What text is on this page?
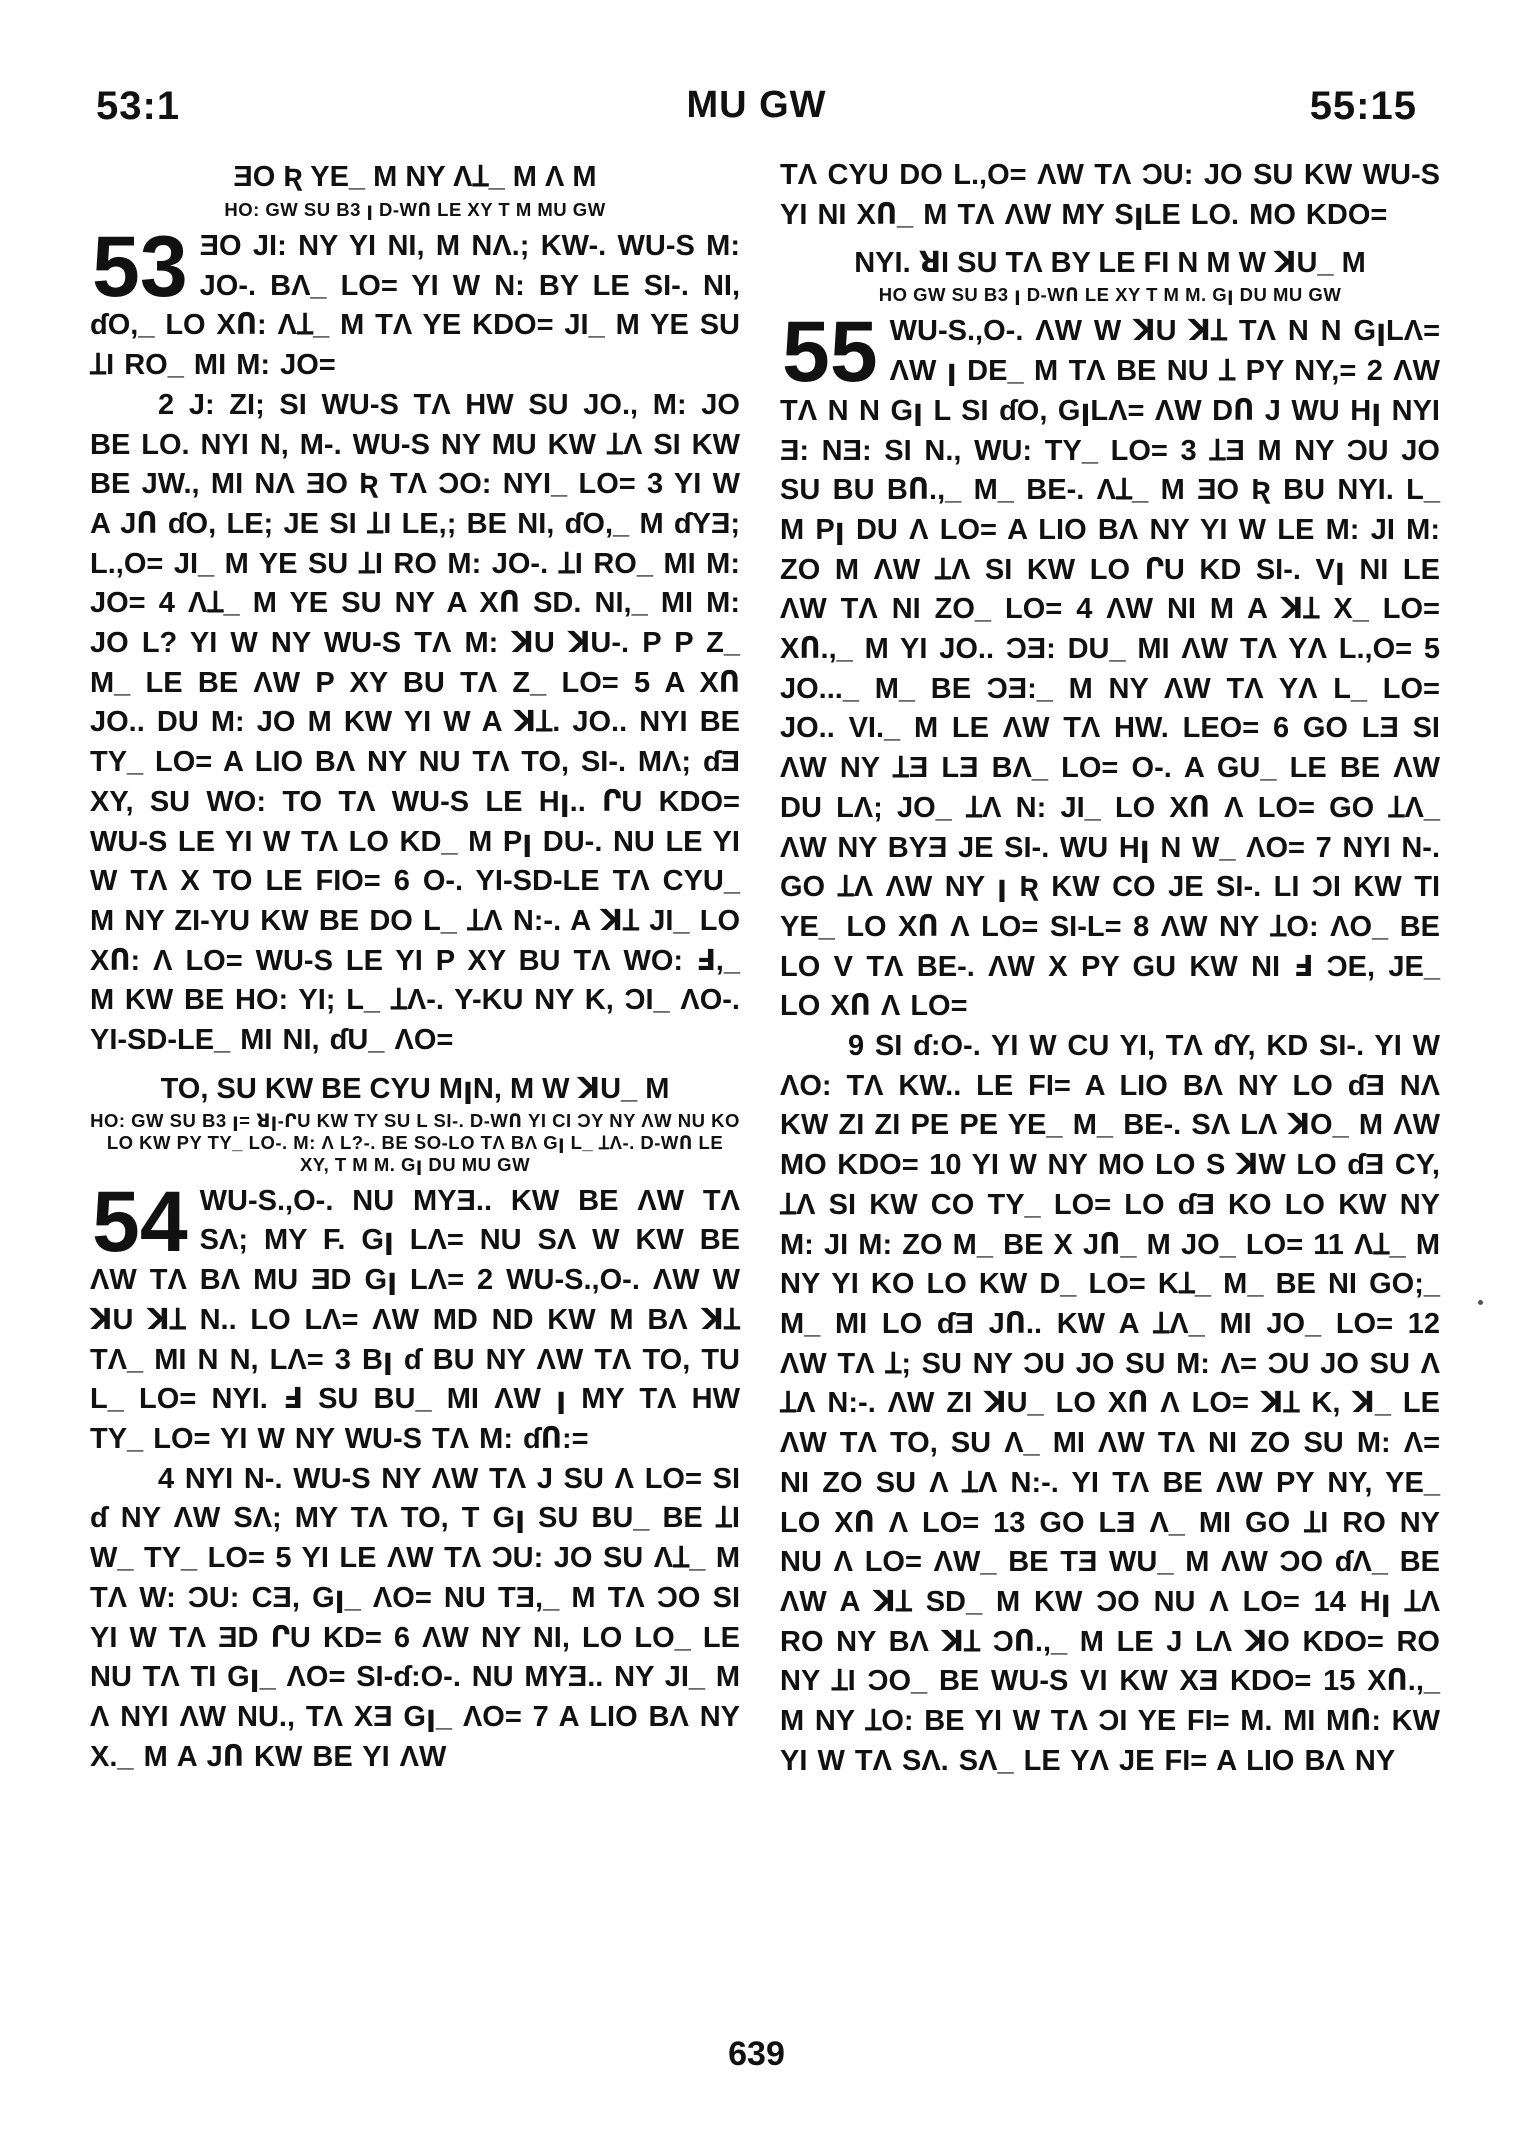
53:1	MU GW	55:15
ƎO Ʀ YE_ M NY ɅꞱ_ M Ʌ M
HO: GW SU B3 ꞁ D-WՈ LE XY T M MU GW

53 ƎO JI: NY YI NI, M NɅ.; KW-. WU-S M: JO-. BɅ_ LO= YI W N: BY LE SI-. NI, ɗO,_ LO XՈ: ɅꞱ_ M TɅ YE KDO= JI_ M YE SU ꞱI RO_ MI M: JO=

2 J: ZI; SI WU-S TɅ HW SU JO., M: JO BE LO. NYI N, M-. WU-S NY MU KW ꞱɅ SI KW BE JW., MI NɅ ƎO Ʀ TɅ ƆO: NYI_ LO= 3 YI W A JՈ ɗO, LE; JE SI ꞱI LE,; BE NI, ɗO,_ M ɗYƎ; L.,O= JI_ M YE SU ꞱI RO M: JO-. ꞱI RO_ MI M: JO= 4 ɅꞱ_ M YE SU NY A XՈ SD. NI,_ MI M: JO L? YI W NY WU-S TɅ M: ꓘU ꓘU-. P P Z_ M_ LE BE ɅW P XY BU TɅ Z_ LO= 5 A XՈ JO.. DU M: JO M KW YI W A ꓘꞱ. JO.. NYI BE TY_ LO= A LIO BɅ NY NU TɅ TO, SI-. MɅ; ɗƎ XY, SU WO: TO TɅ WU-S LE Hꞁ.. ՐU KDO= WU-S LE YI W TɅ LO KD_ M Pꞁ DU-. NU LE YI W TɅ X TO LE FIO= 6 O-. YI-SD-LE TɅ CYU_ M NY ZI-YU KW BE DO L_ ꞱɅ N:-. A ꓘꞱ JI_ LO XՈ: Ʌ LO= WU-S LE YI P XY BU TɅ WO: Ⅎ,_ M KW BE HO: YI; L_ ꞱɅ-. Y-KU NY K, ƆI_ ɅO-. YI-SD-LE_ MI NI, ɗU_ ɅO=

TO, SU KW BE CYU MꞁN, M W ꓘU_ M
HO: GW SU B3 ꞁ= ꓤꞁ-ՐU KW TY SU L SI-. D-WՈ YI CI ƆY NY ɅW NU KO LO KW PY TY_ LO-. M: Ʌ L?-. BE SO-LO TɅ BɅ Gꞁ L_ ꞱɅ-. D-WՈ LE XY, T M M. Gꞁ DU MU GW

54 WU-S.,O-. NU MYƎ.. KW BE ɅW TɅ SɅ; MY F. Gꞁ LɅ= NU SɅ W KW BE ɅW TɅ BɅ MU ƎD Gꞁ LɅ= 2 WU-S.,O-. ɅW W ꓘU ꓘꞱ N.. LO LɅ= ɅW MD ND KW M BɅ ꓘꞱ TɅ_ MI N N, LɅ= 3 Bꞁ ɗ BU NY ɅW TɅ TO, TU L_ LO= NYI. Ⅎ SU BU_ MI ɅW ꞁ MY TɅ HW TY_ LO= YI W NY WU-S TɅ M: ɗՈ:=

4 NYI N-. WU-S NY ɅW TɅ J SU Ʌ LO= SI ɗ NY ɅW SɅ; MY TɅ TO, T Gꞁ SU BU_ BE ꞱI W_ TY_ LO= 5 YI LE ɅW TɅ ƆU: JO SU ɅꞱ_ M TɅ W: ƆU: CƎ, Gꞁ_ ɅO= NU TƎ,_ M TɅ ƆO SI YI W TɅ ƎD ՐU KD= 6 ɅW NY NI, LO LO_ LE NU TɅ TI Gꞁ_ ɅO= SI-ɗ:O-. NU MYƎ.. NY JI_ M Ʌ NYI ɅW NU., TɅ XƎ Gꞁ_ ɅO= 7 A LIO BɅ NY X._ M A JՈ KW BE YI ɅW

TɅ CYU DO L.,O= ɅW TɅ ƆU: JO SU KW WU-S YI NI XՈ_ M TɅ ɅW MY SꞁLE LO. MO KDO=

NYI. ꓤI SU TɅ BY LE FI N M W ꓘU_ M
HO GW SU B3 ꞁ D-WՈ LE XY T M M. Gꞁ DU MU GW

55 WU-S.,O-. ɅW W ꓘU ꓘꞱ TɅ N N GꞁLɅ= ɅW ꞁ DE_ M TɅ BE NU Ʇ PY NY,= 2 ɅW TɅ N N Gꞁ L SI ɗO, GꞁLɅ= ɅW DՈ J WU Hꞁ NYI Ǝ: NƎ: SI N., WU: TY_ LO= 3 ꞱƎ M NY ƆU JO SU BU BՈ.,_ M_ BE-. ɅꞱ_ M ƎO Ʀ BU NYI. L_ M Pꞁ DU Ʌ LO= A LIO BɅ NY YI W LE M: JI M: ZO M ɅW ꞱɅ SI KW LO ՐU KD SI-. Vꞁ NI LE ɅW TɅ NI ZO_ LO= 4 ɅW NI M A ꓘꞱ X_ LO= XՈ.,_ M YI JO.. ƆƎ: DU_ MI ɅW TɅ YɅ L.,O= 5 JO..._ M_ BE ƆƎ:_ M NY ɅW TɅ YɅ L_ LO= JO.. VI._ M LE ɅW TɅ HW. LEO= 6 GO LƎ SI ɅW NY ꞱƎ LƎ BɅ_ LO= O-. A GU_ LE BE ɅW DU LɅ; JO_ ꞱɅ N: JI_ LO XՈ Ʌ LO= GO ꞱɅ_ ɅW NY BYƎ JE SI-. WU Hꞁ N W_ ɅO= 7 NYI N-. GO ꞱɅ ɅW NY ꞁ Ʀ KW CO JE SI-. LI ƆI KW TI YE_ LO XՈ Ʌ LO= SI-L= 8 ɅW NY ꞱO: ɅO_ BE LO V TɅ BE-. ɅW X PY GU KW NI Ⅎ ƆE, JE_ LO XՈ Ʌ LO=

9 SI ɗ:O-. YI W CU YI, TɅ ɗY, KD SI-. YI W ɅO: TɅ KW.. LE FI= A LIO BɅ NY LO ɗƎ NɅ KW ZI ZI PE PE YE_ M_ BE-. SɅ LɅ ꓘO_ M ɅW MO KDO= 10 YI W NY MO LO S ꓘW LO ɗƎ CY, ꞱɅ SI KW CO TY_ LO= LO ɗƎ KO LO KW NY M: JI M: ZO M_ BE X JՈ_ M JO_ LO= 11 ɅꞱ_ M NY YI KO LO KW D_ LO= KꞱ_ M_ BE NI GO;_ M_ MI LO ɗƎ JՈ.. KW A ꞱɅ_ MI JO_ LO= 12 ɅW TɅ Ʇ; SU NY ƆU JO SU M: Ʌ= ƆU JO SU Ʌ ꞱɅ N:-. ɅW ZI ꓘU_ LO XՈ Ʌ LO= ꓘꞱ K, ꓘ_ LE ɅW TɅ TO, SU Ʌ_ MI ɅW TɅ NI ZO SU M: Ʌ= NI ZO SU Ʌ ꞱɅ N:-. YI TɅ BE ɅW PY NY, YE_ LO XՈ Ʌ LO= 13 GO LƎ Ʌ_ MI GO ꞱI RO NY NU Ʌ LO= ɅW_ BE TƎ WU_ M ɅW ƆO ɗɅ_ BE ɅW A ꓘꞱ SD_ M KW ƆO NU Ʌ LO= 14 Hꞁ ꞱɅ RO NY BɅ ꓘꞱ ƆՈ.,_ M LE J LɅ ꓘO KDO= RO NY ꞱI ƆO_ BE WU-S VI KW XƎ KDO= 15 XՈ.,_ M NY ꞱO: BE YI W TɅ ƆI YE FI= M. MI MՈ: KW YI W TɅ SɅ. SɅ_ LE YɅ JE FI= A LIO BɅ NY

639
